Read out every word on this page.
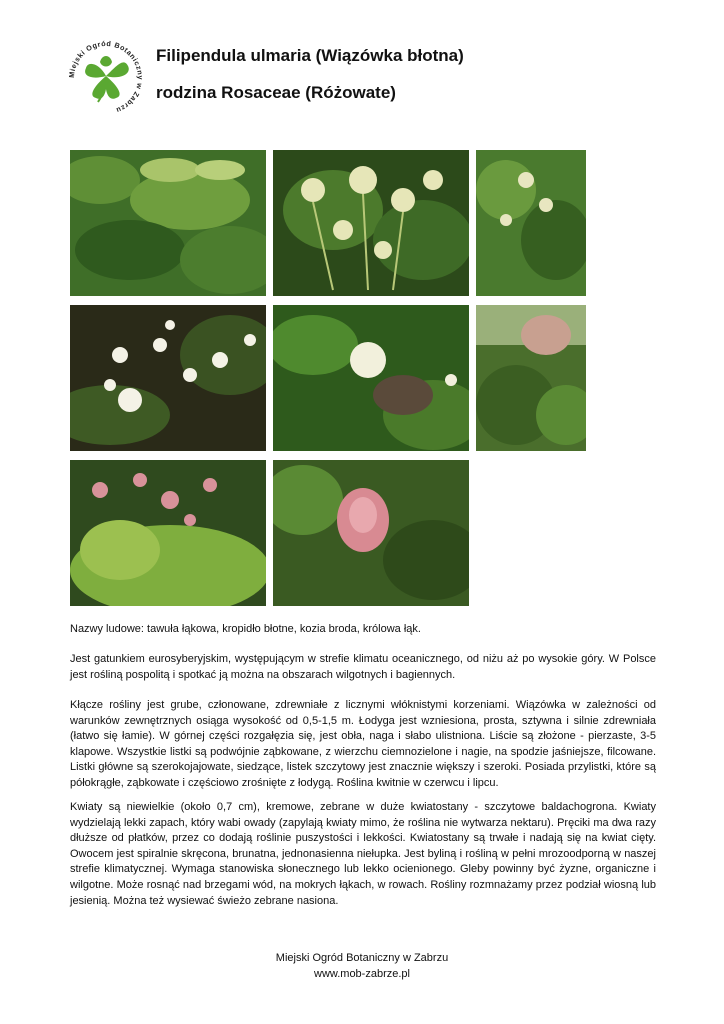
Miejski Ogród Botaniczny w Zabrzu
Filipendula ulmaria (Wiązówka błotna)
rodzina Rosaceae (Różowate)

Nazwy ludowe: tawuła łąkowa, kropidło błotne, kozia broda, królowa łąk.

Jest gatunkiem eurosyberyjskim, występującym w strefie klimatu oceanicznego, od niżu aż po wysokie góry. W Polsce jest rośliną pospolitą i spotkać ją można na obszarach wilgotnych i bagiennych.

Kłącze rośliny jest grube, członowane, zdrewniałe z licznymi włóknistymi korzeniami. Wiązówka w zależności od warunków zewnętrznych osiąga wysokość od 0,5-1,5 m. Łodyga jest wzniesiona, prosta, sztywna i silnie zdrewniała (łatwo się łamie). W górnej części rozgałęzia się, jest obła, naga i słabo ulistniona. Liście są złożone - pierzaste, 3-5 klapowe. Wszystkie listki są podwójnie ząbkowane, z wierzchu ciemnozielone i nagie, na spodzie jaśniejsze, filcowane. Listki główne są szerokojajowate, siedzące, listek szczytowy jest znacznie większy i szeroki. Posiada przylistki, które są półokrągłe, ząbkowate i częściowo zrośnięte z łodygą. Roślina kwitnie w czerwcu i lipcu.

Kwiaty są niewielkie (około 0,7 cm), kremowe, zebrane w duże kwiatostany - szczytowe baldachogrona. Kwiaty wydzielają lekki zapach, który wabi owady (zapylają kwiaty mimo, że roślina nie wytwarza nektaru). Pręciki ma dwa razy dłuższe od płatków, przez co dodają roślinie puszystości i lekkości. Kwiatostany są trwałe i nadają się na kwiat cięty. Owocem jest spiralnie skręcona, brunatna, jednonasienna niełupka. Jest byliną i rośliną w pełni mrozoodporną w naszej strefie klimatycznej. Wymaga stanowiska słonecznego lub lekko ocienionego. Gleby powinny być żyzne, organiczne i wilgotne. Może rosnąć nad brzegami wód, na mokrych łąkach, w rowach. Rośliny rozmnażamy przez podział wiosną lub jesienią. Można też wysiewać świeżo zebrane nasiona.

Miejski Ogród Botaniczny w Zabrzu

www.mob-zabrze.pl
